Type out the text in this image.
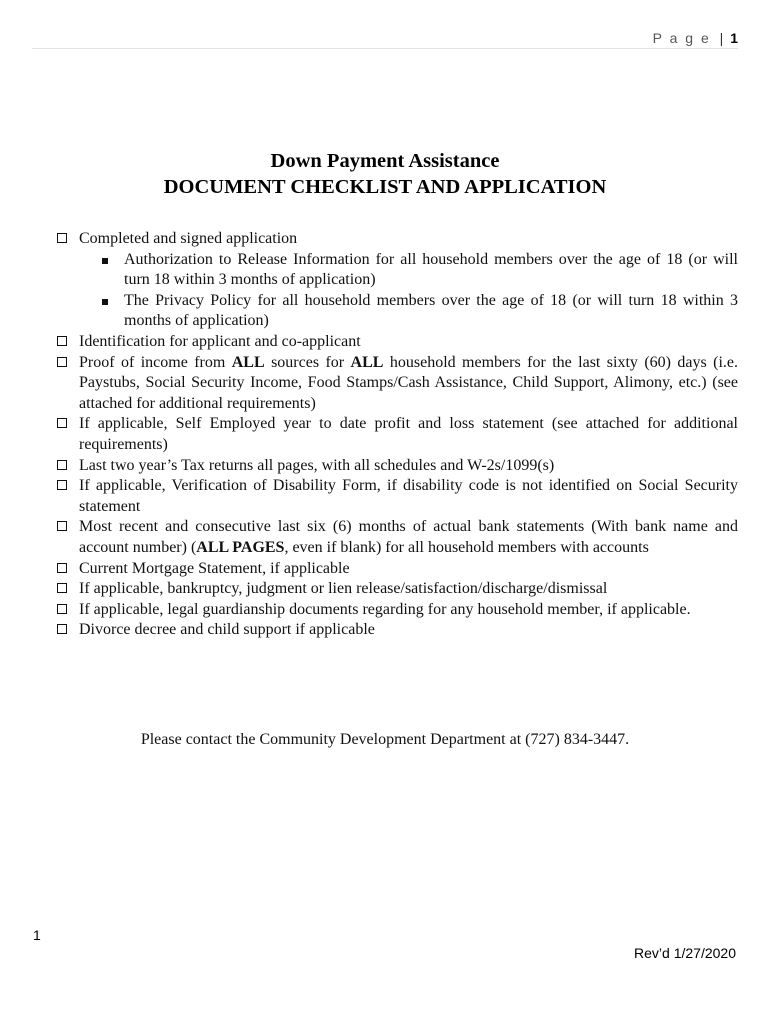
P a g e | 1
Down Payment Assistance
DOCUMENT CHECKLIST AND APPLICATION
Completed and signed application
Authorization to Release Information for all household members over the age of 18 (or will turn 18 within 3 months of application)
The Privacy Policy for all household members over the age of 18 (or will turn 18 within 3 months of application)
Identification for applicant and co-applicant
Proof of income from ALL sources for ALL household members for the last sixty (60) days (i.e. Paystubs, Social Security Income, Food Stamps/Cash Assistance, Child Support, Alimony, etc.) (see attached for additional requirements)
If applicable, Self Employed year to date profit and loss statement (see attached for additional requirements)
Last two year’s Tax returns all pages, with all schedules and W-2s/1099(s)
If applicable, Verification of Disability Form, if disability code is not identified on Social Security statement
Most recent and consecutive last six (6) months of actual bank statements (With bank name and account number) (ALL PAGES, even if blank) for all household members with accounts
Current Mortgage Statement, if applicable
If applicable, bankruptcy, judgment or lien release/satisfaction/discharge/dismissal
If applicable, legal guardianship documents regarding for any household member, if applicable.
Divorce decree and child support if applicable
Please contact the Community Development Department at (727) 834-3447.
1
Rev’d 1/27/2020
